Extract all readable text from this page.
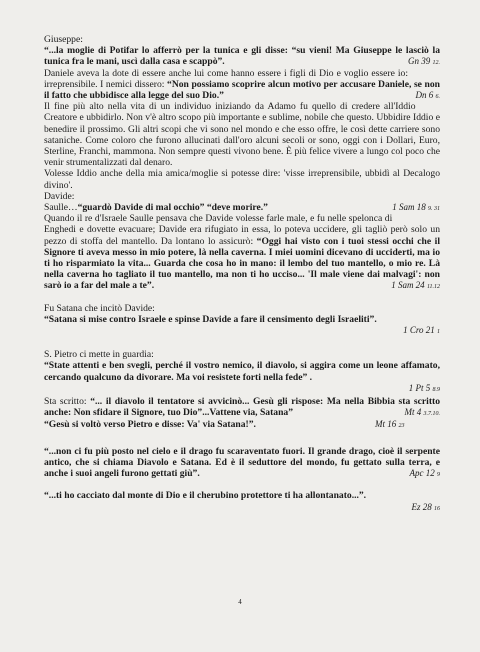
Giuseppe:

“...la moglie di Potifar lo afferrò per la tunica e gli disse: “su vieni! Ma Giuseppe le lasciò la tunica fra le mani, uscì dalla casa e scappò”.	Gn 39 12.

Daniele aveva la dote di essere anche lui come hanno essere i figli di Dio e voglio essere io: irreprensibile. I nemici dissero: “Non possiamo scoprire alcun motivo per accusare Daniele, se non il fatto che ubbidisce alla legge del suo Dio.”	Dn 6 6.

Il fine più alto nella vita di un individuo iniziando da Adamo fu quello di credere all'Iddio Creatore e ubbidirlo. Non v'è altro scopo più importante e sublime, nobile che questo. Ubbidire Iddio e benedire il prossimo. Gli altri scopi che vi sono nel mondo e che esso offre, le così dette carriere sono sataniche. Come coloro che furono allucinati dall'oro alcuni secoli or sono, oggi con i Dollari, Euro, Sterline, Franchi, mammona. Non sempre questi vivono bene. È più felice vivere a lungo col poco che venir strumentalizzati dal denaro.

Volesse Iddio anche della mia amica/moglie si potesse dire: 'visse irreprensibile, ubbidì al Decalogo divino'.

Davide:

Saulle…“guardò Davide di mal occhio” “deve morire.”	1 Sam 18 9. 31

Quando il re d'Israele Saulle pensava che Davide volesse farle male, e fu nelle spelonca di Enghedi e dovette evacuare; Davide era rifugiato in essa, lo poteva uccidere, gli tagliò però solo un pezzo di stoffa del mantello. Da lontano lo assicurò: “Oggi hai visto con i tuoi stessi occhi che il Signore ti aveva messo in mio potere, là nella caverna. I miei uomini dicevano di ucciderti, ma io ti ho risparmiato la vita... Guarda che cosa ho in mano: il lembo del tuo mantello, o mio re. Là nella caverna ho tagliato il tuo mantello, ma non ti ho ucciso... 'Il male viene dai malvagi': non sarò io a far del male a te”.	1 Sam 24 11.12

Fu Satana che incitò Davide:

“Satana si mise contro Israele e spinse Davide a fare il censimento degli Israeliti”.

1 Cro 21 1

S. Pietro ci mette in guardia:

“State attenti e ben svegli, perché il vostro nemico, il diavolo, si aggira come un leone affamato, cercando qualcuno da divorare. Ma voi resistete forti nella fede” .

1 Pt 5 8.9

Sta scritto: “... il diavolo il tentatore si avvicinò... Gesù gli rispose: Ma nella Bibbia sta scritto anche: Non sfidare il Signore, tuo Dio”...Vattene via, Satana”	Mt 4 3.7.10.

“Gesù si voltò verso Pietro e disse: Va' via Satana!”.	Mt 16 23

“...non ci fu più posto nel cielo e il drago fu scaraventato fuori. Il grande drago, cioè il serpente antico, che si chiama Diavolo e Satana. Ed è il seduttore del mondo, fu gettato sulla terra, e anche i suoi angeli furono gettati giù”.	Apc 12 9

“...ti ho cacciato dal monte di Dio e il cherubino protettore ti ha allontanato...”.

Ez 28 16
4
